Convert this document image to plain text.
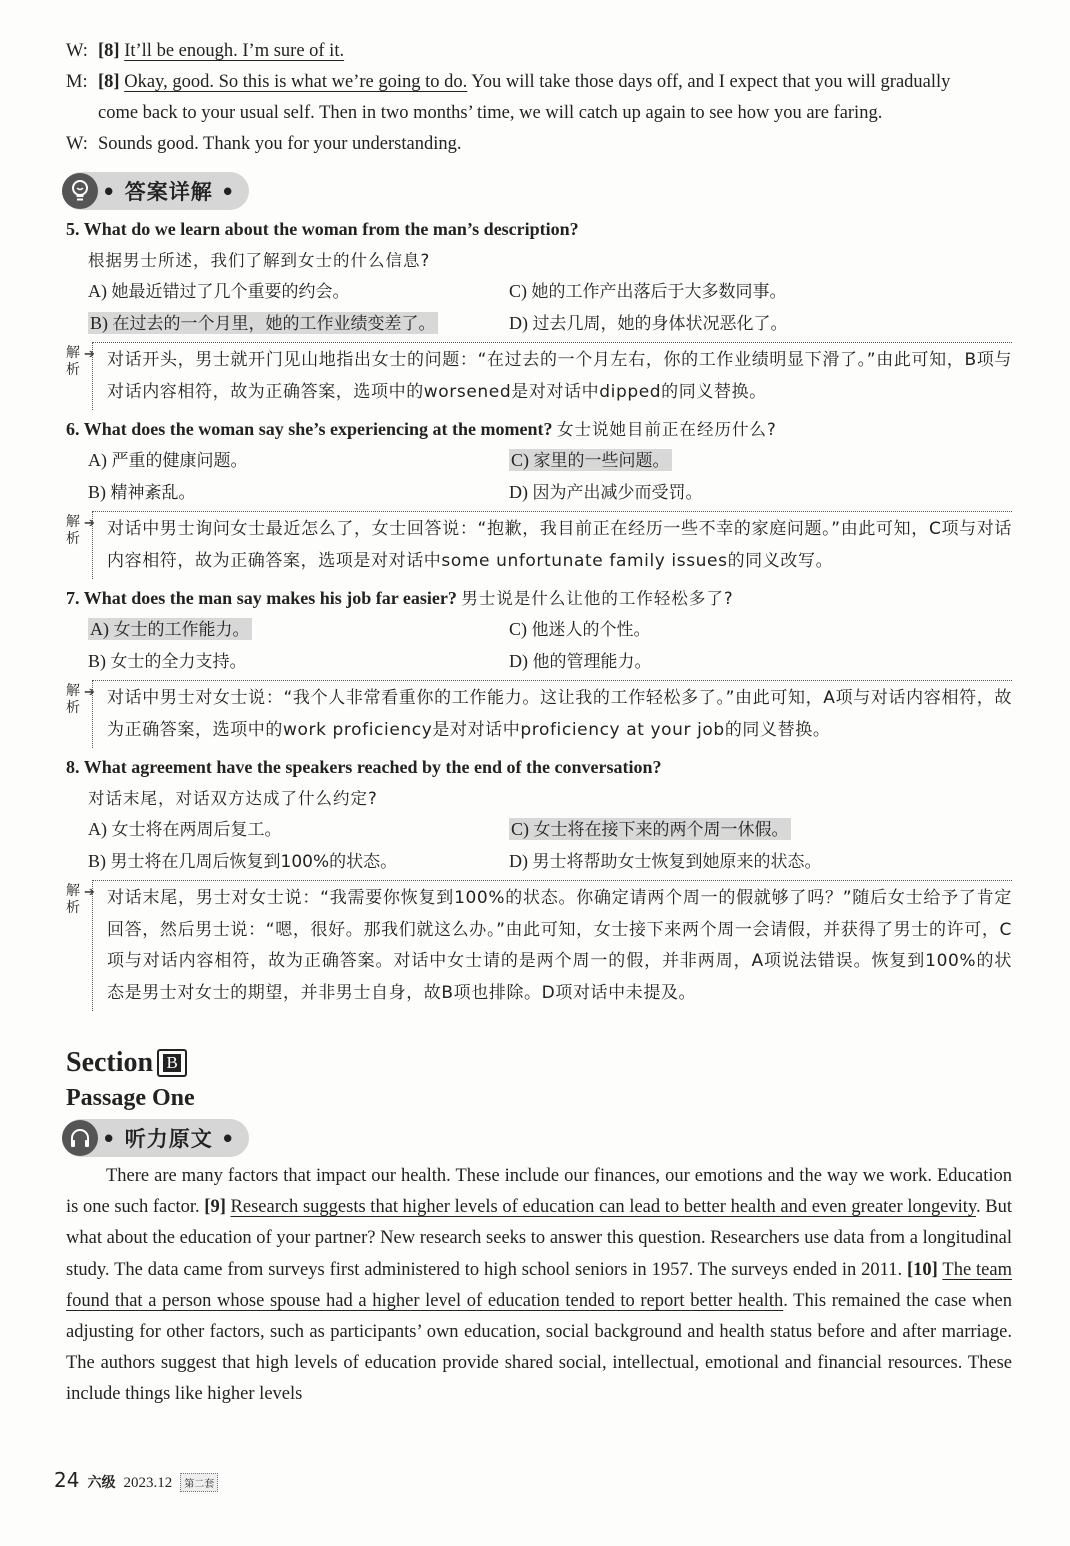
W: [8] It’ll be enough. I’m sure of it.
M: [8] Okay, good. So this is what we’re going to do. You will take those days off, and I expect that you will gradually
come back to your usual self. Then in two months’ time, we will catch up again to see how you are faring.
W: Sounds good. Thank you for your understanding.
• 答案详解 •
5. What do we learn about the woman from the man’s description?
根据男士所述，我们了解到女士的什么信息?
A) 她最近错过了几个重要的约会。	C) 她的工作产出落后于大多数同事。
B) 在过去的一个月里，她的工作业绩变差了。	D) 过去几周，她的身体状况恶化了。
解
析
➔ 对话开头，男士就开门见山地指出女士的问题：“在过去的一个月左右，你的工作业绩明显下滑了。”由此可知，B项与对话内容相符，故为正确答案，选项中的worsened是对对话中dipped的同义替换。
6. What does the woman say she’s experiencing at the moment? 女士说她目前正在经历什么?
A) 严重的健康问题。	C) 家里的一些问题。
B) 精神紊乱。	D) 因为产出减少而受罚。
解
析
➔ 对话中男士询问女士最近怎么了，女士回答说：“抱歉，我目前正在经历一些不幸的家庭问题。”由此可知，C项与对话内容相符，故为正确答案，选项是对对话中some unfortunate family issues的同义改写。
7. What does the man say makes his job far easier? 男士说是什么让他的工作轻松多了?
A) 女士的工作能力。	C) 他迷人的个性。
B) 女士的全力支持。	D) 他的管理能力。
解
析
➔ 对话中男士对女士说：“我个人非常看重你的工作能力。这让我的工作轻松多了。”由此可知，A项与对话内容相符，故为正确答案，选项中的work proficiency是对对话中proficiency at your job的同义替换。
8. What agreement have the speakers reached by the end of the conversation?
对话末尾，对话双方达成了什么约定?
A) 女士将在两周后复工。	C) 女士将在接下来的两个周一休假。
B) 男士将在几周后恢复到100%的状态。	D) 男士将帮助女士恢复到她原来的状态。
解
析
➔ 对话末尾，男士对女士说：“我需要你恢复到100%的状态。你确定请两个周一的假就够了吗？”随后女士给予了肯定回答，然后男士说：“嗯，很好。那我们就这么办。”由此可知，女士接下来两个周一会请假，并获得了男士的许可，C项与对话内容相符，故为正确答案。对话中女士请的是两个周一的假，并非两周，A项说法错误。恢复到100%的状态是男士对女士的期望，并非男士自身，故B项也排除。D项对话中未提及。
Section B
Passage One
• 听力原文 •
There are many factors that impact our health. These include our finances, our emotions and the way we work. Education is one such factor. [9] Research suggests that higher levels of education can lead to better health and even greater longevity. But what about the education of your partner? New research seeks to answer this question. Researchers use data from a longitudinal study. The data came from surveys first administered to high school seniors in 1957. The surveys ended in 2011. [10] The team found that a person whose spouse had a higher level of education tended to report better health. This remained the case when adjusting for other factors, such as participants’ own education, social background and health status before and after marriage. The authors suggest that high levels of education provide shared social, intellectual, emotional and financial resources. These include things like higher levels
24 六级 2023.12	第二套
